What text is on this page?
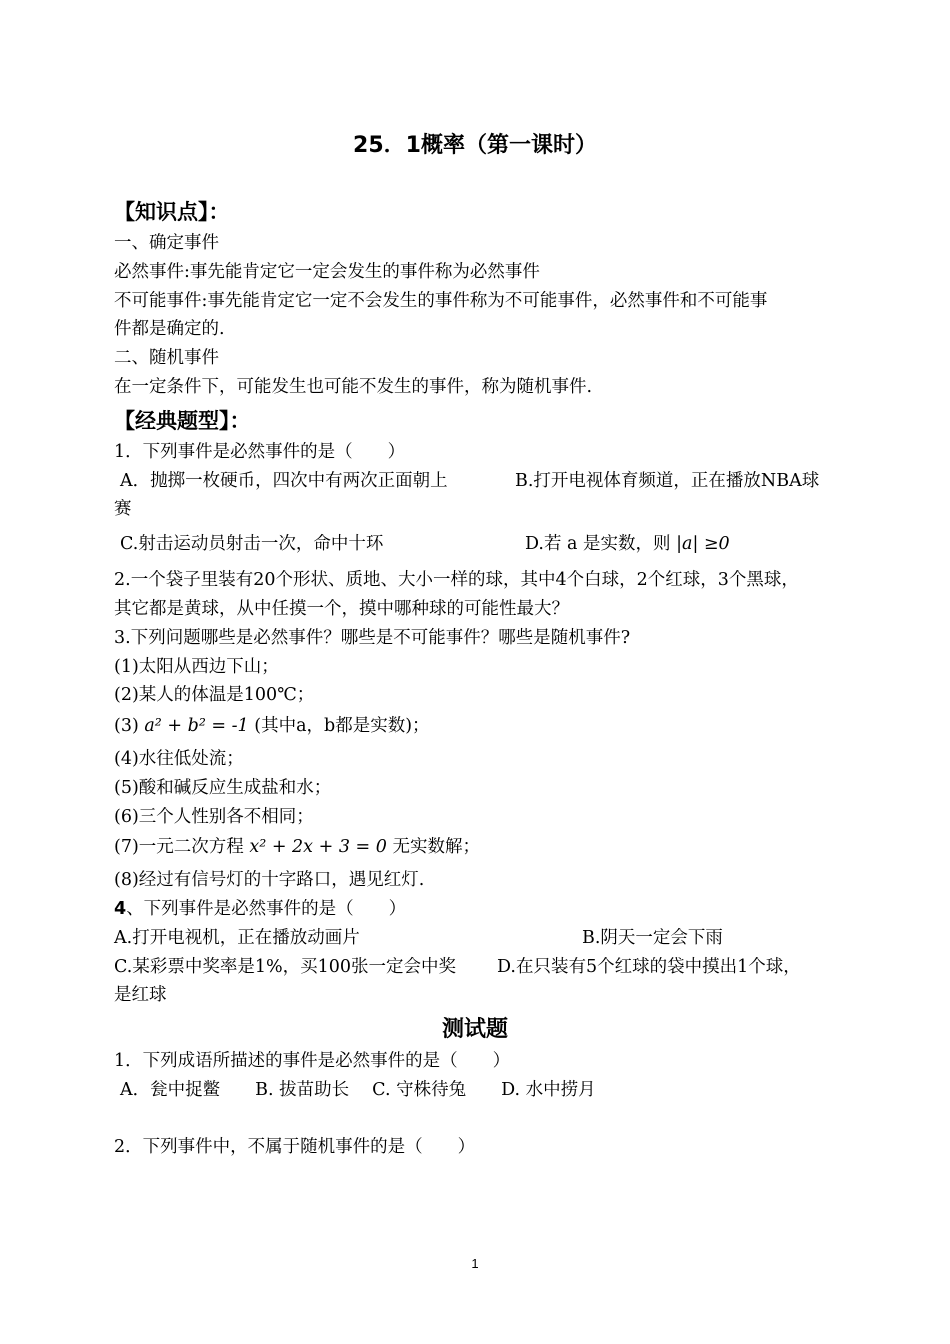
25．1概率（第一课时）
【知识点】：
一、确定事件
必然事件:事先能肯定它一定会发生的事件称为必然事件
不可能事件:事先能肯定它一定不会发生的事件称为不可能事件，必然事件和不可能事
件都是确定的.
二、随机事件
在一定条件下，可能发生也可能不发生的事件，称为随机事件.
【经典题型】：
1．下列事件是必然事件的是（　　）
A．抛掷一枚硬币，四次中有两次正面朝上	B.打开电视体育频道，正在播放NBA球
赛
C.射击运动员射击一次，命中十环	D.若 a 是实数，则 |a| ≥0
2.一个袋子里装有20个形状、质地、大小一样的球，其中4个白球，2个红球，3个黑球，
其它都是黄球，从中任摸一个，摸中哪种球的可能性最大？
3.下列问题哪些是必然事件？哪些是不可能事件？哪些是随机事件?
(1)太阳从西边下山；
(2)某人的体温是100℃；
(3) a² + b² = -1 (其中a，b都是实数)；
(4)水往低处流；
(5)酸和碱反应生成盐和水；
(6)三个人性别各不相同；
(7)一元二次方程 x² + 2x + 3 = 0 无实数解；
(8)经过有信号灯的十字路口，遇见红灯.
4、下列事件是必然事件的是（　　）
A.打开电视机，正在播放动画片	B.阴天一定会下雨
C.某彩票中奖率是1%，买100张一定会中奖 D.在只装有5个红球的袋中摸出1个球，
是红球
测试题
1．下列成语所描述的事件是必然事件的是（　　）
A．瓮中捉鳖　　B. 拔苗助长　 C. 守株待兔　　D. 水中捞月
2．下列事件中，不属于随机事件的是（　　）
1
